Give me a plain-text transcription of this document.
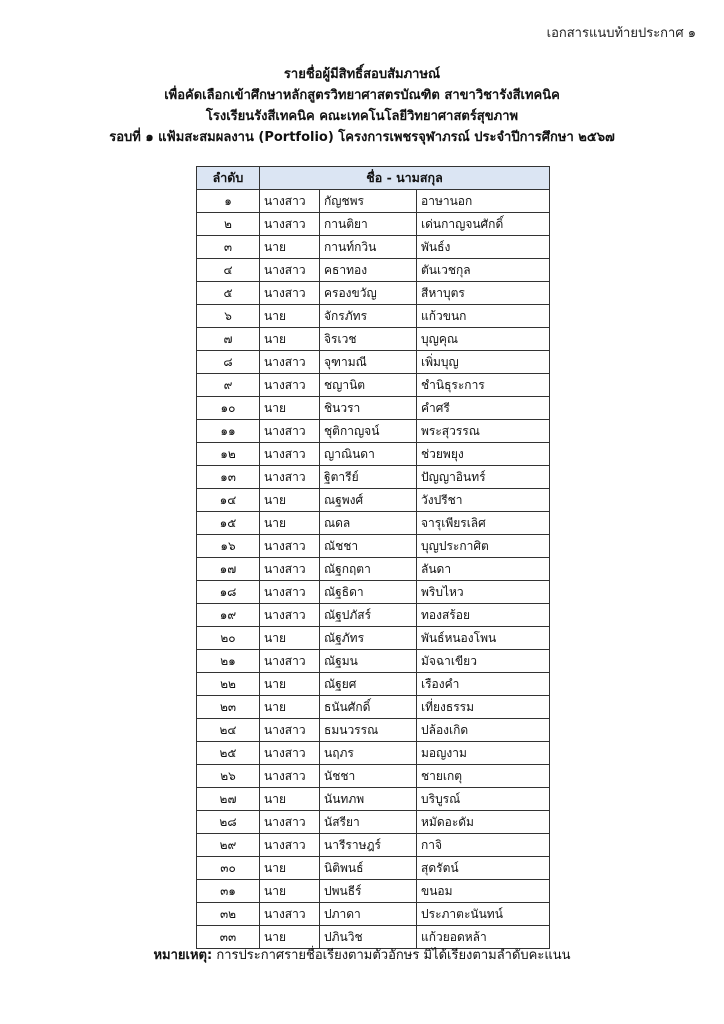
เอกสารแนบท้ายประกาศ ๑
รายชื่อผู้มีสิทธิ์สอบสัมภาษณ์
เพื่อคัดเลือกเข้าศึกษาหลักสูตรวิทยาศาสตรบัณฑิต สาขาวิชารังสีเทคนิค
โรงเรียนรังสีเทคนิค คณะเทคโนโลยีวิทยาศาสตร์สุขภาพ
รอบที่ ๑ แฟ้มสะสมผลงาน (Portfolio) โครงการเพชรจุฬาภรณ์ ประจำปีการศึกษา ๒๕๖๗
ลำดับ	ชื่อ - นามสกุล		
๑	นางสาว	กัญชพร	อาษานอก
๒	นางสาว	กานติยา	เด่นกาญจนศักดิ์
๓	นาย	กานท์กวิน	พันธ์ง
๔	นางสาว	คธาทอง	ตันเวชกุล
๕	นางสาว	ครองขวัญ	สีหาบุตร
๖	นาย	จักรภัทร	แก้วขนก
๗	นาย	จิรเวช	บุญคุณ
๘	นางสาว	จุฑามณี	เพิ่มบุญ
๙	นางสาว	ชญานิต	ชำนิธุระการ
๑๐	นาย	ชินวรา	คำศรี
๑๑	นางสาว	ชุติกาญจน์	พระสุวรรณ
๑๒	นางสาว	ญาณินดา	ช่วยพยุง
๑๓	นางสาว	ฐิตารีย์	ปัญญาอินทร์
๑๔	นาย	ณฐพงศ์	วังปรีชา
๑๕	นาย	ณดล	จารุเพียรเลิศ
๑๖	นางสาว	ณัชชา	บุญประกาศิต
๑๗	นางสาว	ณัฐกฤตา	ลันดา
๑๘	นางสาว	ณัฐธิดา	พริบไหว
๑๙	นางสาว	ณัฐปภัสร์	ทองสร้อย
๒๐	นาย	ณัฐภัทร	พันธ์หนองโพน
๒๑	นางสาว	ณัฐมน	มัจฉาเขียว
๒๒	นาย	ณัฐยศ	เรืองคำ
๒๓	นาย	ธนันศักดิ์	เที่ยงธรรม
๒๔	นางสาว	ธมนวรรณ	ปล้องเกิด
๒๕	นางสาว	นฤภร	มอญงาม
๒๖	นางสาว	นัชชา	ชายเกตุ
๒๗	นาย	นันทภพ	บริบูรณ์
๒๘	นางสาว	นัสรียา	หมัดอะดัม
๒๙	นางสาว	นารีราษฎร์	กาจิ
๓๐	นาย	นิติพนธ์	สุดรัตน์
๓๑	นาย	ปพนธีร์	ขนอม
๓๒	นางสาว	ปภาดา	ประภาตะนันทน์
๓๓	นาย	ปภินวิช	แก้วยอดหล้า
หมายเหตุ: การประกาศรายชื่อเรียงตามตัวอักษร มิได้เรียงตามลำดับคะแนน
